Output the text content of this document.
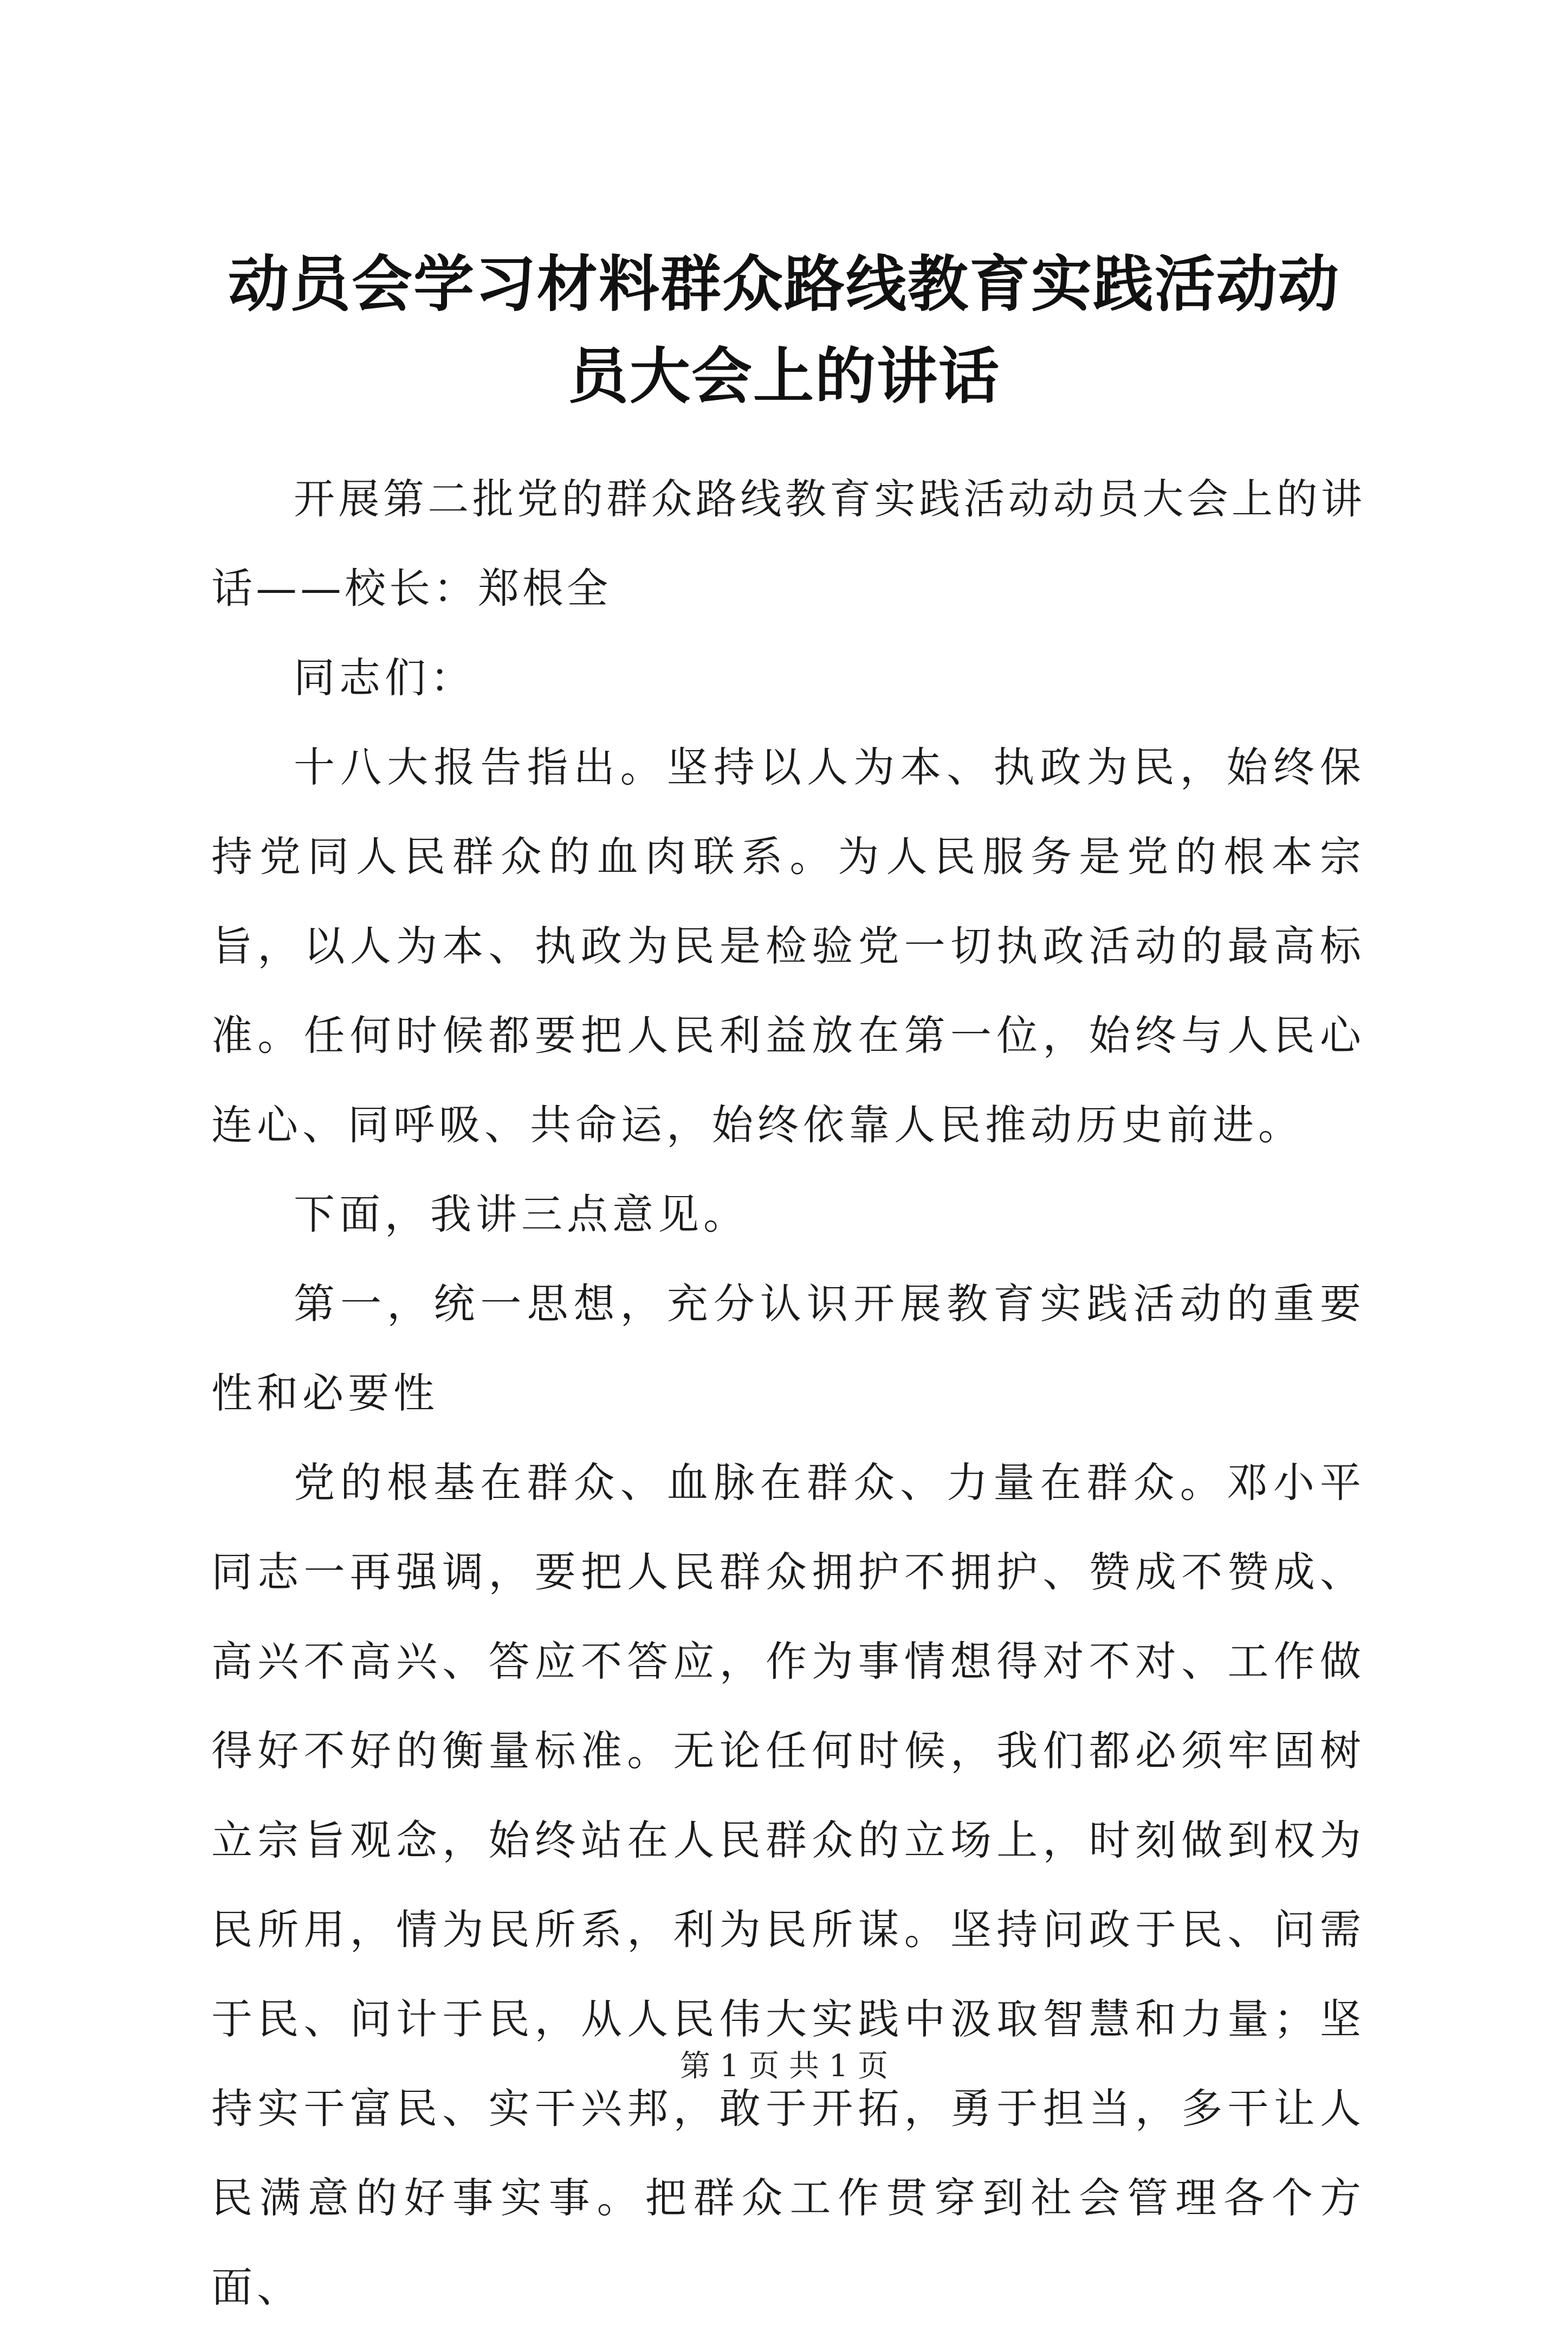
动员会学习材料群众路线教育实践活动动员大会上的讲话

开展第二批党的群众路线教育实践活动动员大会上的讲话——校长：郑根全

同志们：

十八大报告指出。坚持以人为本、执政为民，始终保持党同人民群众的血肉联系。为人民服务是党的根本宗旨，以人为本、执政为民是检验党一切执政活动的最高标准。任何时候都要把人民利益放在第一位，始终与人民心连心、同呼吸、共命运，始终依靠人民推动历史前进。

下面，我讲三点意见。

第一，统一思想，充分认识开展教育实践活动的重要性和必要性

党的根基在群众、血脉在群众、力量在群众。邓小平同志一再强调，要把人民群众拥护不拥护、赞成不赞成、高兴不高兴、答应不答应，作为事情想得对不对、工作做得好不好的衡量标准。无论任何时候，我们都必须牢固树立宗旨观念，始终站在人民群众的立场上，时刻做到权为民所用，情为民所系，利为民所谋。坚持问政于民、问需于民、问计于民，从人民伟大实践中汲取智慧和力量；坚持实干富民、实干兴邦，敢于开拓，勇于担当，多干让人民满意的好事实事。把群众工作贯穿到社会管理各个方面、

第 1 页 共 1 页
